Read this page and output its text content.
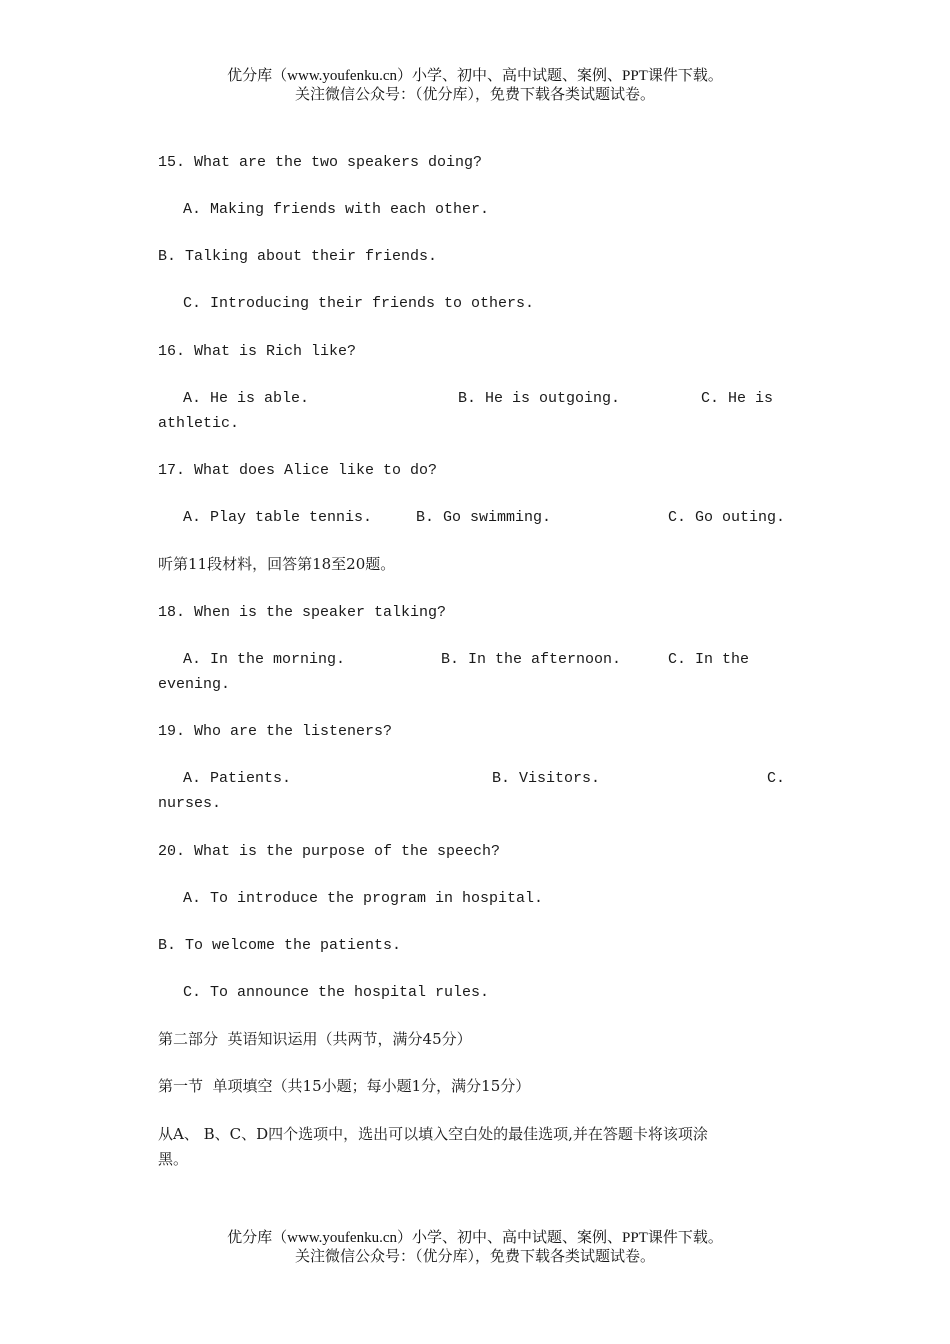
优分库（www.youfenku.cn）小学、初中、高中试题、案例、PPT课件下载。
关注微信公众号：（优分库），免费下载各类试题试卷。
15. What are the two speakers doing?
A. Making friends with each other.
B. Talking about their friends.
C. Introducing their friends to others.
16. What is Rich like?
A. He is able.	B. He is outgoing.	C. He is
athletic.
17. What does Alice like to do?
A. Play table tennis.	B. Go swimming.	C. Go outing.
听第11段材料，回答第18至20题。
18. When is the speaker talking?
A. In the morning.	B. In the afternoon.	C. In the
evening.
19. Who are the listeners?
A. Patients.	B. Visitors.	C.
nurses.
20. What is the purpose of the speech?
A. To introduce the program in hospital.
B. To welcome the patients.
C. To announce the hospital rules.
第二部分  英语知识运用（共两节，满分45分）
第一节  单项填空（共15小题；每小题1分，满分15分）
从A、 B、C、D四个选项中，选出可以填入空白处的最佳选项,并在答题卡将该项涂
黑。
优分库（www.youfenku.cn）小学、初中、高中试题、案例、PPT课件下载。
关注微信公众号：（优分库），免费下载各类试题试卷。
